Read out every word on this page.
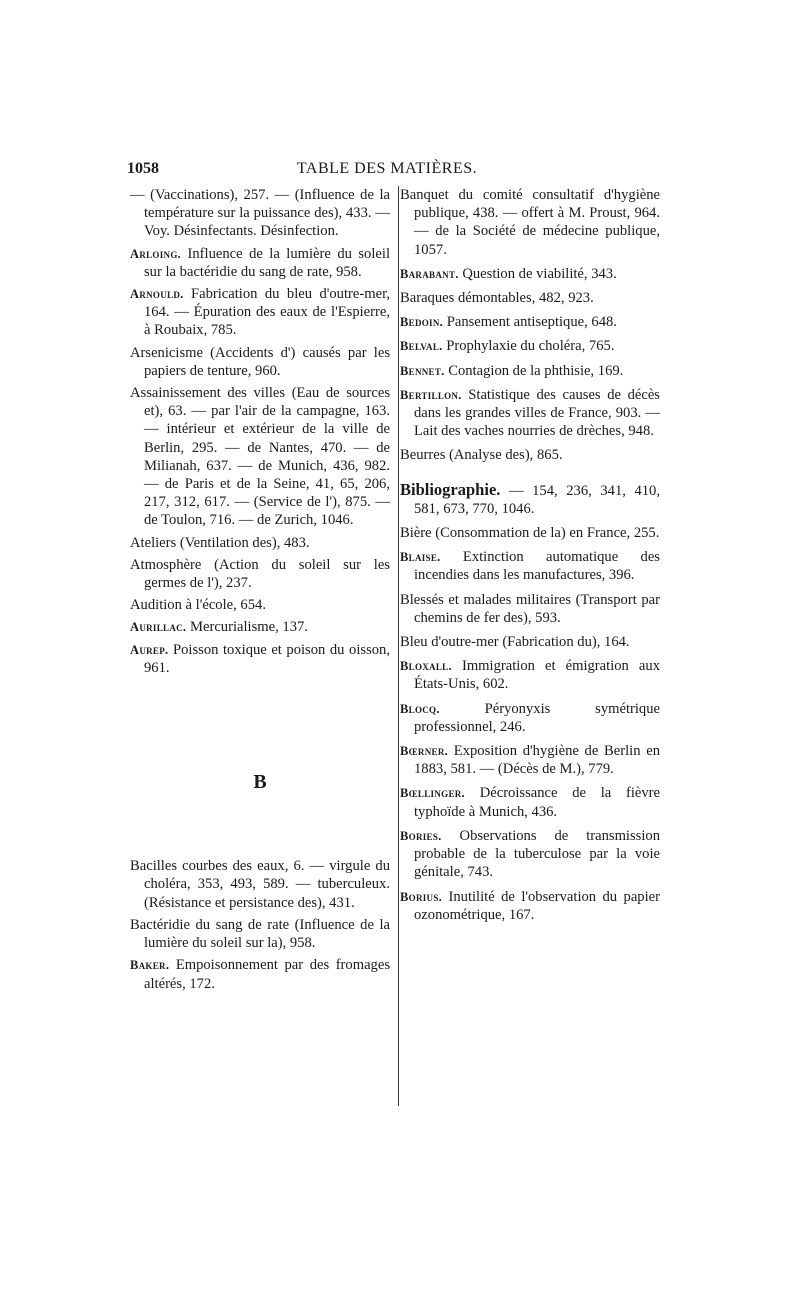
1058	TABLE DES MATIÈRES.
— (Vaccinations), 257. — (Influence de la température sur la puissance des), 433. — Voy. Désinfectants. Désinfection.
Arloing. Influence de la lumière du soleil sur la bactéridie du sang de rate, 958.
Arnould. Fabrication du bleu d'outre-mer, 164. — Épuration des eaux de l'Espierre, à Roubaix, 785.
Arsenicisme (Accidents d') causés par les papiers de tenture, 960.
Assainissement des villes (Eau de sources et), 63. — par l'air de la campagne, 163. — intérieur et extérieur de la ville de Berlin, 295. — de Nantes, 470. — de Milianah, 637. — de Munich, 436, 982. — de Paris et de la Seine, 41, 65, 206, 217, 312, 617. — (Service de l'), 875. — de Toulon, 716. — de Zurich, 1046.
Ateliers (Ventilation des), 483.
Atmosphère (Action du soleil sur les germes de l'), 237.
Audition à l'école, 654.
Aurillac. Mercurialisme, 137.
Aurep. Poisson toxique et poison du oisson, 961.
B
Bacilles courbes des eaux, 6. — virgule du choléra, 353, 493, 589. — tuberculeux. (Résistance et persistance des), 431.
Bactéridie du sang de rate (Influence de la lumière du soleil sur la), 958.
Baker. Empoisonnement par des fromages altérés, 172.
Banquet du comité consultatif d'hygiène publique, 438. — offert à M. Proust, 964. — de la Société de médecine publique, 1057.
Barabant. Question de viabilité, 343.
Baraques démontables, 482, 923.
Bedoin. Pansement antiseptique, 648.
Belval. Prophylaxie du choléra, 765.
Bennet. Contagion de la phthisie, 169.
Bertillon. Statistique des causes de décès dans les grandes villes de France, 903. — Lait des vaches nourries de drèches, 948.
Beurres (Analyse des), 865.
Bibliographie. — 154, 236, 341, 410, 581, 673, 770, 1046.
Bière (Consommation de la) en France, 255.
Blaise. Extinction automatique des incendies dans les manufactures, 396.
Blessés et malades militaires (Transport par chemins de fer des), 593.
Bleu d'outre-mer (Fabrication du), 164.
Bloxall. Immigration et émigration aux États-Unis, 602.
Blocq. Péryonyxis symétrique professionnel, 246.
Bœrner. Exposition d'hygiène de Berlin en 1883, 581. — (Décès de M.), 779.
Bœllinger. Décroissance de la fièvre typhoïde à Munich, 436.
Bories. Observations de transmission probable de la tuberculose par la voie génitale, 743.
Borius. Inutilité de l'observation du papier ozonométrique, 167.
